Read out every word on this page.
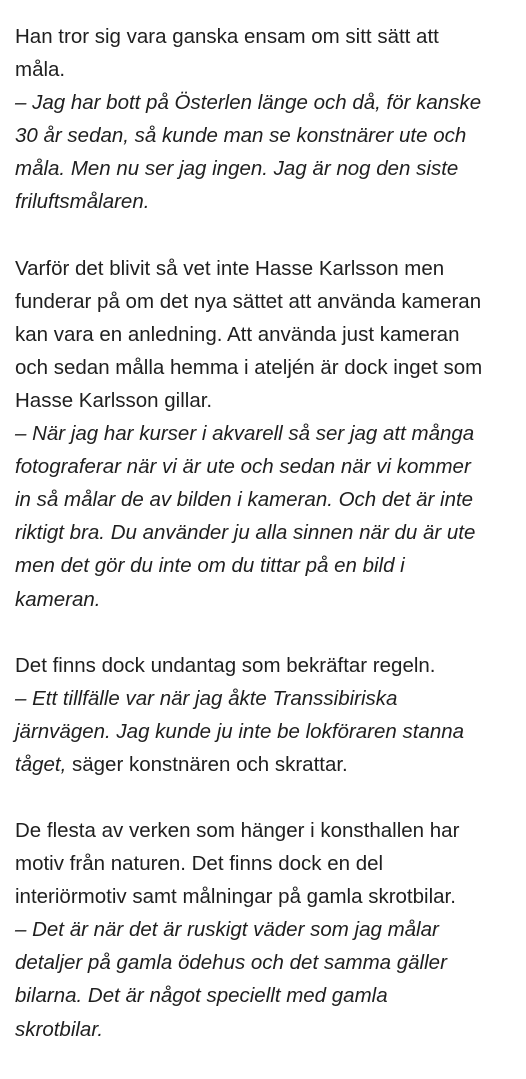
Han tror sig vara ganska ensam om sitt sätt att
måla.
– Jag har bott på Österlen länge och då, för kanske
30 år sedan, så kunde man se konstnärer ute och
måla. Men nu ser jag ingen. Jag är nog den siste
friluftsmålaren.

Varför det blivit så vet inte Hasse Karlsson men
funderar på om det nya sättet att använda kameran
kan vara en anledning. Att använda just kameran
och sedan målla hemma i ateljén är dock inget som
Hasse Karlsson gillar.
– När jag har kurser i akvarell så ser jag att många
fotograferar när vi är ute och sedan när vi kommer
in så målar de av bilden i kameran. Och det är inte
riktigt bra. Du använder ju alla sinnen när du är ute
men det gör du inte om du tittar på en bild i
kameran.

Det finns dock undantag som bekräftar regeln.
– Ett tillfälle var när jag åkte Transsibiriska
järnvägen. Jag kunde ju inte be lokföraren stanna
tåget, säger konstnären och skrattar.

De flesta av verken som hänger i konsthallen har
motiv från naturen. Det finns dock en del
interiörmotiv samt målningar på gamla skrotbilar.
– Det är när det är ruskigt väder som jag målar
detaljer på gamla ödehus och det samma gäller
bilarna. Det är något speciellt med gamla
skrotbilar.
